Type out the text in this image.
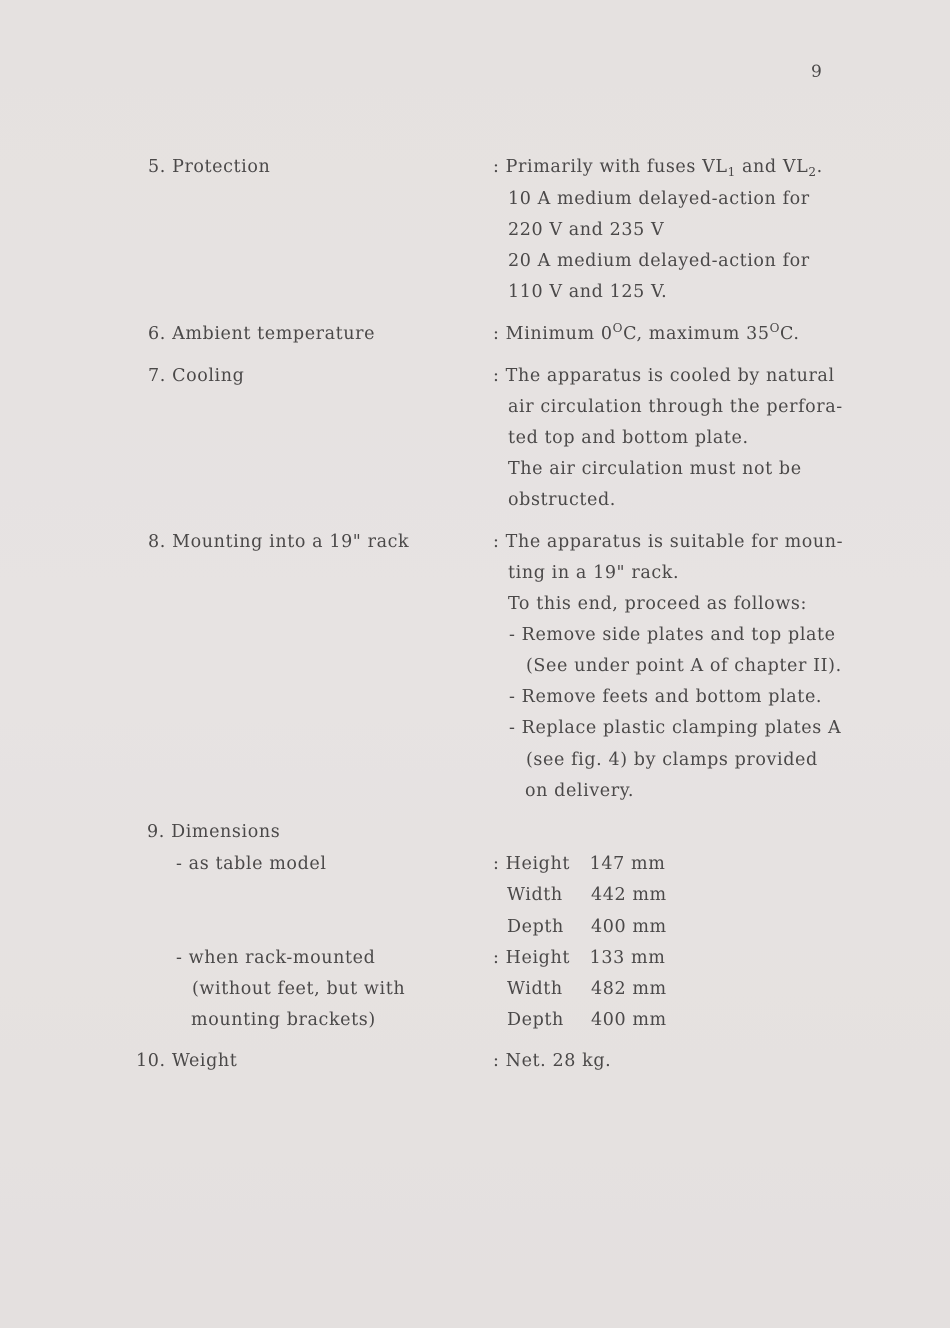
9
5. Protection	: Primarily with fuses $VL_1$ and $VL_2$.
10 A medium delayed-action for
220 V and 235 V
20 A medium delayed-action for
110 V and 125 V.
6. Ambient temperature	: Minimum $0^OC$, maximum $35^OC$.
7. Cooling	: The apparatus is cooled by natural
air circulation through the perfora-
ted top and bottom plate.
The air circulation must not be
obstructed.
8. Mounting into a 19" rack	: The apparatus is suitable for moun-
ting in a 19" rack.
To this end, proceed as follows:
- Remove side plates and top plate
(See under point A of chapter II).
- Remove feets and bottom plate.
- Replace plastic clamping plates A
(see fig. 4) by clamps provided
on delivery.
9. Dimensions
- as table model	: Height 147 mm
Width 442 mm
Depth 400 mm
- when rack-mounted
(without feet, but with
mounting brackets)
: Height 133 mm
Width 482 mm
Depth 400 mm
10. Weight	: Net. 28 kg.
